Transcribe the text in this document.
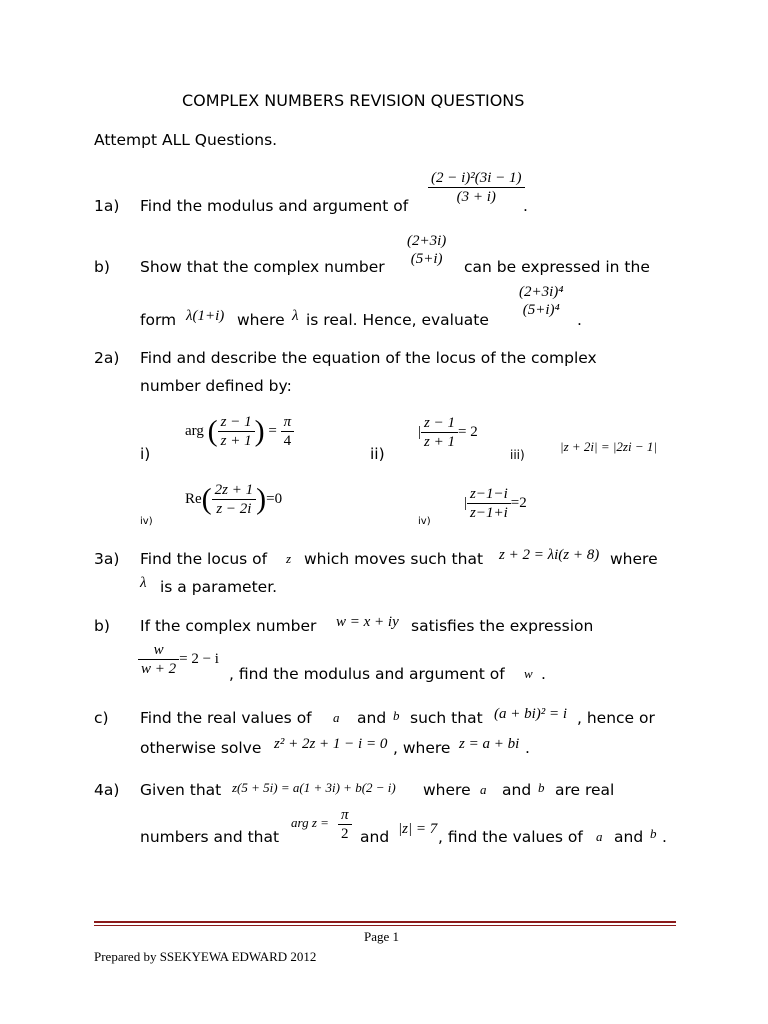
COMPLEX NUMBERS REVISION QUESTIONS
Attempt ALL Questions.
1a) Find the modulus and argument of $\frac{\text{(2 − i)²(3i − 1)}}{(3 + i)}$
.
b) Show that the complex number
(2+3i)
(5+i)	can be expressed in the
form λ(1+i) where λ is real. Hence, evaluate
(2+3i)⁴
(5+i)⁴
.
2a) Find and describe the equation of the locus of the complex
number defined by:
i)
arg ( $\frac{z - 1}{z + 1}$ ) = $\frac{\pi}{4}$
ii)
| $\frac{z - 1}{z + 1} = 2$
iii)
|z + 2i| = |2zi − 1|
iv)
$Re( \frac{2z + 1}{z - 2i} )=0$
iv)
| $\frac{z-1-i}{z-1+i} =2$
3a) Find the locus of z which moves such that z + 2 = λi(z + 8) where
λ is a parameter.
b) If the complex number w = x + iy satisfies the expression
$\frac{w}{w + 2} = 2 - i$
, find the modulus and argument of w .
c) Find the real values of a and b such that (a + bi)² = i , hence or
otherwise solve z² + 2z + 1 − i = 0 , where z = a + bi .
4a) Given that z(5 + 5i) = a(1 + 3i) + b(2 − i) where a and b are real
numbers and that
arg $z = \frac{\pi}{2}$ and |z| = 7 , find the values of a and b .
Page 1
Prepared by SSEKYEWA EDWARD 2012
